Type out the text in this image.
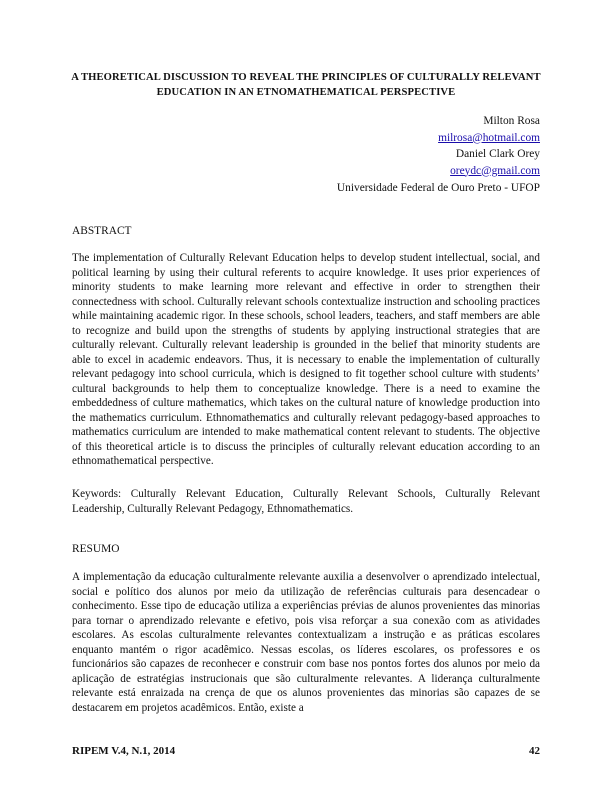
A THEORETICAL DISCUSSION TO REVEAL THE PRINCIPLES OF CULTURALLY RELEVANT EDUCATION IN AN ETNOMATHEMATICAL PERSPECTIVE
Milton Rosa
milrosa@hotmail.com
Daniel Clark Orey
oreydc@gmail.com
Universidade Federal de Ouro Preto - UFOP
ABSTRACT

The implementation of Culturally Relevant Education helps to develop student intellectual, social, and political learning by using their cultural referents to acquire knowledge. It uses prior experiences of minority students to make learning more relevant and effective in order to strengthen their connectedness with school. Culturally relevant schools contextualize instruction and schooling practices while maintaining academic rigor. In these schools, school leaders, teachers, and staff members are able to recognize and build upon the strengths of students by applying instructional strategies that are culturally relevant. Culturally relevant leadership is grounded in the belief that minority students are able to excel in academic endeavors. Thus, it is necessary to enable the implementation of culturally relevant pedagogy into school curricula, which is designed to fit together school culture with students’ cultural backgrounds to help them to conceptualize knowledge. There is a need to examine the embeddedness of culture mathematics, which takes on the cultural nature of knowledge production into the mathematics curriculum. Ethnomathematics and culturally relevant pedagogy-based approaches to mathematics curriculum are intended to make mathematical content relevant to students. The objective of this theoretical article is to discuss the principles of culturally relevant education according to an ethnomathematical perspective.

Keywords: Culturally Relevant Education, Culturally Relevant Schools, Culturally Relevant Leadership, Culturally Relevant Pedagogy, Ethnomathematics.

RESUMO

A implementação da educação culturalmente relevante auxilia a desenvolver o aprendizado intelectual, social e político dos alunos por meio da utilização de referências culturais para desencadear o conhecimento. Esse tipo de educação utiliza a experiências prévias de alunos provenientes das minorias para tornar o aprendizado relevante e efetivo, pois visa reforçar a sua conexão com as atividades escolares. As escolas culturalmente relevantes contextualizam a instrução e as práticas escolares enquanto mantém o rigor acadêmico. Nessas escolas, os líderes escolares, os professores e os funcionários são capazes de reconhecer e construir com base nos pontos fortes dos alunos por meio da aplicação de estratégias instrucionais que são culturalmente relevantes. A liderança culturalmente relevante está enraizada na crença de que os alunos provenientes das minorias são capazes de se destacarem em projetos acadêmicos. Então, existe a

RIPEM V.4, N.1, 2014	42
